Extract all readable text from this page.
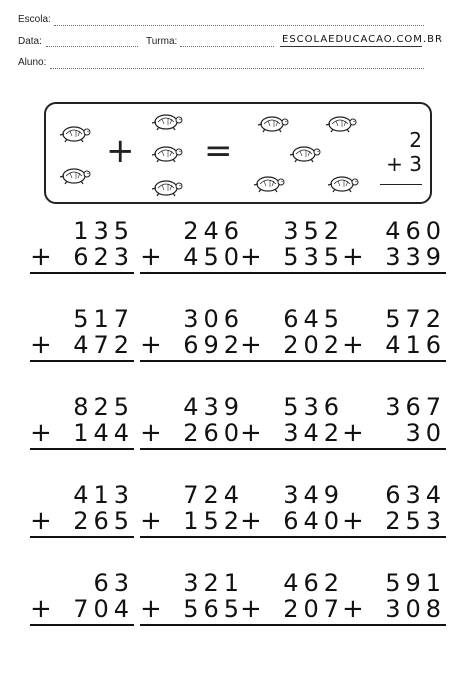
Escola:
Data:	Turma:	ESCOLAEDUCACAO.COM.BR
Aluno:
+ =	2
+ 3
135
+ 623
246
+ 450
352
+ 535
460
+ 339
517
+ 472
306
+ 692
645
+ 202
572
+ 416
825
+ 144
439
+ 260
536
+ 342
367
+ 30
413
+ 265
724
+ 152
349
+ 640
634
+ 253
63
+ 704
321
+ 565
462
+ 207
591
+ 308
